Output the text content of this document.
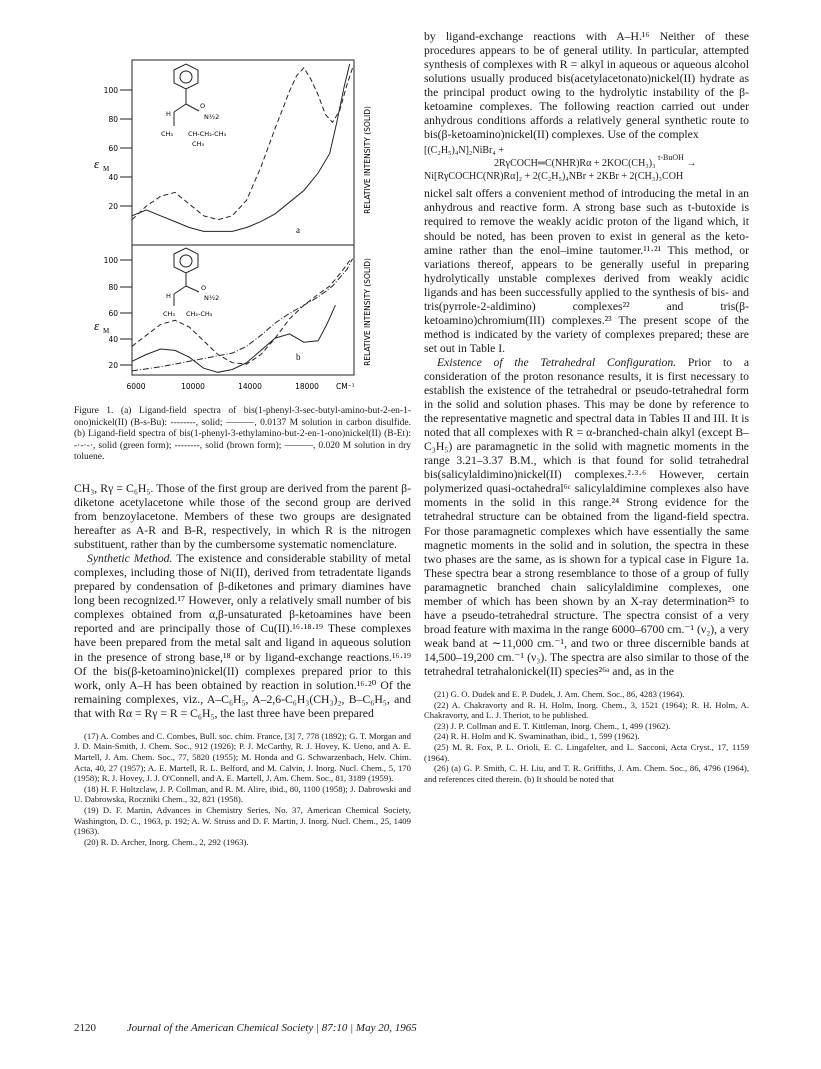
100
80
60
40
20
ε M
100
80
60
40
20
ε M
RELATIVE INTENSITY (SOLID)
RELATIVE INTENSITY (SOLID)
6000	10000	14000	18000 CM⁻¹
a
b
O
H	N½2
CH₃ CH-CH₂-CH₃
CH₃
O
H	N½2
CH₃ CH₂-CH₃
Figure 1. (a) Ligand-field spectra of bis(1-phenyl-3-sec-butyl-amino-but-2-en-1-ono)nickel(II) (B-s-Bu): --------, solid; ———, 0.0137 M solution in carbon disulfide. (b) Ligand-field spectra of bis(1-phenyl-3-ethylamino-but-2-en-1-ono)nickel(II) (B-Et): -·-·-·, solid (green form); --------, solid (brown form); ———, 0.020 M solution in dry toluene.

CH₃, Rγ = C₆H₅. Those of the first group are derived from the parent β-diketone acetylacetone while those of the second group are derived from benzoylacetone. Members of these two groups are designated hereafter as A-R and B-R, respectively, in which R is the nitrogen substituent, rather than by the cumbersome systematic nomenclature.

Synthetic Method. The existence and considerable stability of metal complexes, including those of Ni(II), derived from tetradentate ligands prepared by condensation of β-diketones and primary diamines have long been recognized.¹⁷ However, only a relatively small number of bis complexes obtained from α,β-unsaturated β-ketoamines have been reported and are principally those of Cu(II).¹⁶·¹⁸·¹⁹ These complexes have been prepared from the metal salt and ligand in aqueous solution in the presence of strong base,¹⁸ or by ligand-exchange reactions.¹⁶·¹⁹ Of the bis(β-ketoamino)nickel(II) complexes prepared prior to this work, only A–H has been obtained by reaction in solution.¹⁶·²⁰ Of the remaining complexes, viz., A–C₆H₅, A–2,6-C₆H₃(CH₃)₂, B–C₆H₅, and that with Rα = Rγ = R = C₆H₅, the last three have been prepared

(17) A. Combes and C. Combes, Bull. soc. chim. France, [3] 7, 778 (1892); G. T. Morgan and J. D. Main-Smith, J. Chem. Soc., 912 (1926); P. J. McCarthy, R. J. Hovey, K. Ueno, and A. E. Martell, J. Am. Chem. Soc., 77, 5820 (1955); M. Honda and G. Schwarzenbach, Helv. Chim. Acta, 40, 27 (1957); A. E. Martell, R. L. Belford, and M. Calvin, J. Inorg. Nucl. Chem., 5, 170 (1958); R. J. Hovey, J. J. O'Connell, and A. E. Martell, J. Am. Chem. Soc., 81, 3189 (1959).
(18) H. F. Holtzclaw, J. P. Collman, and R. M. Alire, ibid., 80, 1100 (1958); J. Dabrowski and U. Dabrowska, Roczniki Chem., 32, 821 (1958).
(19) D. F. Martin, Advances in Chemistry Series, No. 37, American Chemical Society, Washington, D. C., 1963, p. 192; A. W. Struss and D. F. Martin, J. Inorg. Nucl. Chem., 25, 1409 (1963).
(20) R. D. Archer, Inorg. Chem., 2, 292 (1963).

by ligand-exchange reactions with A–H.¹⁶ Neither of these procedures appears to be of general utility. In particular, attempted synthesis of complexes with R = alkyl in aqueous or aqueous alcohol solutions usually produced bis(acetylacetonato)nickel(II) hydrate as the principal product owing to the hydrolytic instability of the β-ketoamine complexes. The following reaction carried out under anhydrous conditions affords a relatively general synthetic route to bis(β-ketoamino)nickel(II) complexes. Use of the complex

[(C₂H₅)₄N]₂NiBr₄ +
2RγCOCH═C(NHR)Rα + 2KOC(CH₃)₃ t-BuOH →
Ni[RγCOCHC(NR)Rα]₂ + 2(C₂H₅)₄NBr + 2KBr + 2(CH₃)₃COH

nickel salt offers a convenient method of introducing the metal in an anhydrous and reactive form. A strong base such as t-butoxide is required to remove the weakly acidic proton of the ligand which, it should be noted, has been proven to exist in general as the keto-amine rather than the enol–imine tautomer.¹¹·²¹ This method, or variations thereof, appears to be generally useful in preparing hydrolytically unstable complexes derived from weakly acidic ligands and has been successfully applied to the synthesis of bis- and tris(pyrrole-2-aldimino) complexes²² and tris(β-ketoamino)chromium(III) complexes.²³ The present scope of the method is indicated by the variety of complexes prepared; these are set out in Table I.

Existence of the Tetrahedral Configuration. Prior to a consideration of the proton resonance results, it is first necessary to establish the existence of the tetrahedral or pseudo-tetrahedral form in the solid and solution phases. This may be done by reference to the representative magnetic and spectral data in Tables II and III. It is noted that all complexes with R = α-branched-chain alkyl (except B–C₃H₅) are paramagnetic in the solid with magnetic moments in the range 3.21–3.37 B.M., which is that found for solid tetrahedral bis(salicylaldimino)nickel(II) complexes.²·³·⁶ However, certain polymerized quasi-octahedral⁶ᶜ salicylaldimine complexes also have moments in the solid in this range.²⁴ Strong evidence for the tetrahedral structure can be obtained from the ligand-field spectra. For those paramagnetic complexes which have essentially the same magnetic moments in the solid and in solution, the spectra in these two phases are the same, as is shown for a typical case in Figure 1a. These spectra bear a strong resemblance to those of a group of fully paramagnetic branched chain salicylaldimine complexes, one member of which has been shown by an X-ray determination²⁵ to have a pseudo-tetrahedral structure. The spectra consist of a very broad feature with maxima in the range 6000–6700 cm.⁻¹ (ν₂), a very weak band at ∼11,000 cm.⁻¹, and two or three discernible bands at 14,500–19,200 cm.⁻¹ (ν₃). The spectra are also similar to those of the tetrahedral tetrahalonickel(II) species²⁶ᵃ and, as in the

(21) G. O. Dudek and E. P. Dudek, J. Am. Chem. Soc., 86, 4283 (1964).
(22) A. Chakravorty and R. H. Holm, Inorg. Chem., 3, 1521 (1964); R. H. Holm, A. Chakravorty, and L. J. Theriot, to be published.
(23) J. P. Collman and E. T. Kittleman, Inorg. Chem., 1, 499 (1962).
(24) R. H. Holm and K. Swaminathan, ibid., 1, 599 (1962).
(25) M. R. Fox, P. L. Orioli, E. C. Lingafelter, and L. Sacconi, Acta Cryst., 17, 1159 (1964).
(26) (a) G. P. Smith, C. H. Liu, and T. R. Griffiths, J. Am. Chem. Soc., 86, 4796 (1964), and references cited therein. (b) It should be noted that
2120	Journal of the American Chemical Society | 87:10 | May 20, 1965
